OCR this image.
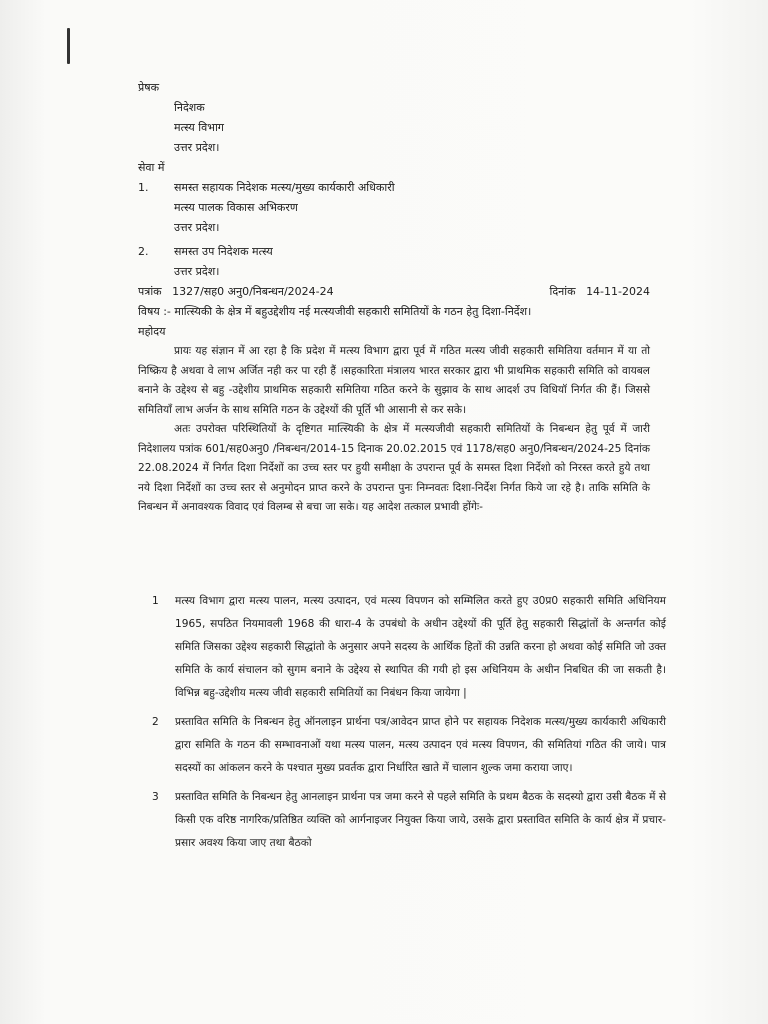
प्रेषक
निदेशक
मत्स्य विभाग
उत्तर प्रदेश।
सेवा में
1.	समस्त सहायक निदेशक मत्स्य/मुख्य कार्यकारी अधिकारी
मत्स्य पालक विकास अभिकरण
उत्तर प्रदेश।
2.	समस्त उप निदेशक मत्स्य
उत्तर प्रदेश।
पत्रांक 1327/सह0 अनु0/निबन्धन/2024-24	दिनांक 14-11-2024
विषय :- मात्स्यिकी के क्षेत्र में बहुउद्देशीय नई मत्स्यजीवी सहकारी समितियों के गठन हेतु दिशा-निर्देश।
महोदय

प्रायः यह संज्ञान में आ रहा है कि प्रदेश में मत्स्य विभाग द्वारा पूर्व में गठित मत्स्य जीवी सहकारी समितिया वर्तमान में या तो निष्क्रिय है अथवा वे लाभ अर्जित नही कर पा रही हैं ।सहकारिता मंत्रालय भारत सरकार द्वारा भी प्राथमिक सहकारी समिति को वायबल बनाने के उद्देश्य से बहु -उद्देशीय प्राथमिक सहकारी समितिया गठित करने के सुझाव के साथ आदर्श उप विधियॉ निर्गत की हैं। जिससे समितियॉं लाभ अर्जन के साथ समिति गठन के उद्देश्यों की पूर्ति भी आसानी से कर सके।

अतः उपरोक्त परिस्थितियों के दृष्टिगत मात्स्यिकी के क्षेत्र में मत्स्यजीवी सहकारी समितियों के निबन्धन हेतु पूर्व में जारी निदेशालय पत्रांक 601/सह0अनु0 /निबन्धन/2014-15 दिनाक 20.02.2015 एवं 1178/सह0 अनु0/निबन्धन/2024-25 दिनांक 22.08.2024 में निर्गत दिशा निर्देशों का उच्च स्तर पर हुयी समीक्षा के उपरान्त पूर्व के समस्त दिशा निर्देशो को निरस्त करते हुये तथा नये दिशा निर्देशों का उच्च स्तर से अनुमोदन प्राप्त करने के उपरान्त पुनः निम्नवतः दिशा-निर्देश निर्गत किये जा रहे है। ताकि समिति के निबन्धन में अनावश्यक विवाद एवं विलम्ब से बचा जा सके। यह आदेश तत्काल प्रभावी होंगेः-

1	मत्स्य विभाग द्वारा मत्स्य पालन, मत्स्य उत्पादन, एवं मत्स्य विपणन को सम्मिलित करते हुए उ0प्र0 सहकारी समिति अधिनियम 1965, सपठित नियमावली 1968 की धारा-4 के उपबंधो के अधीन उद्देश्यों की पूर्ति हेतु सहकारी सिद्धांतों के अन्तर्गत कोई समिति जिसका उद्देश्य सहकारी सिद्धांतो के अनुसार अपने सदस्य के आर्थिक हितों की उन्नति करना हो अथवा कोई समिति जो उक्त समिति के कार्य संचालन को सुगम बनाने के उद्देश्य से स्थापित की गयी हो इस अधिनियम के अधीन निबधित की जा सकती है। विभिन्न बहु-उद्देशीय मत्स्य जीवी सहकारी समितियों का निबंधन किया जायेगा |
2	प्रस्तावित समिति के निबन्धन हेतु ऑनलाइन प्रार्थना पत्र/आवेदन प्राप्त होने पर सहायक निदेशक मत्स्य/मुख्य कार्यकारी अधिकारी द्वारा समिति के गठन की सम्भावनाओं यथा मत्स्य पालन, मत्स्य उत्पादन एवं मत्स्य विपणन, की समितियां गठित की जाये। पात्र सदस्यों का आंकलन करने के पश्चात मुख्य प्रवर्तक द्वारा निर्धारित खाते में चालान शुल्क जमा कराया जाए।
3	प्रस्तावित समिति के निबन्धन हेतु आनलाइन प्रार्थना पत्र जमा करने से पहले समिति के प्रथम बैठक के सदस्यो द्वारा उसी बैठक में से किसी एक वरिष्ठ नागरिक/प्रतिष्ठित व्यक्ति को आर्गनाइजर नियुक्त किया जाये, उसके द्वारा प्रस्तावित समिति के कार्य क्षेत्र में प्रचार-प्रसार अवश्य किया जाए तथा बैठको
